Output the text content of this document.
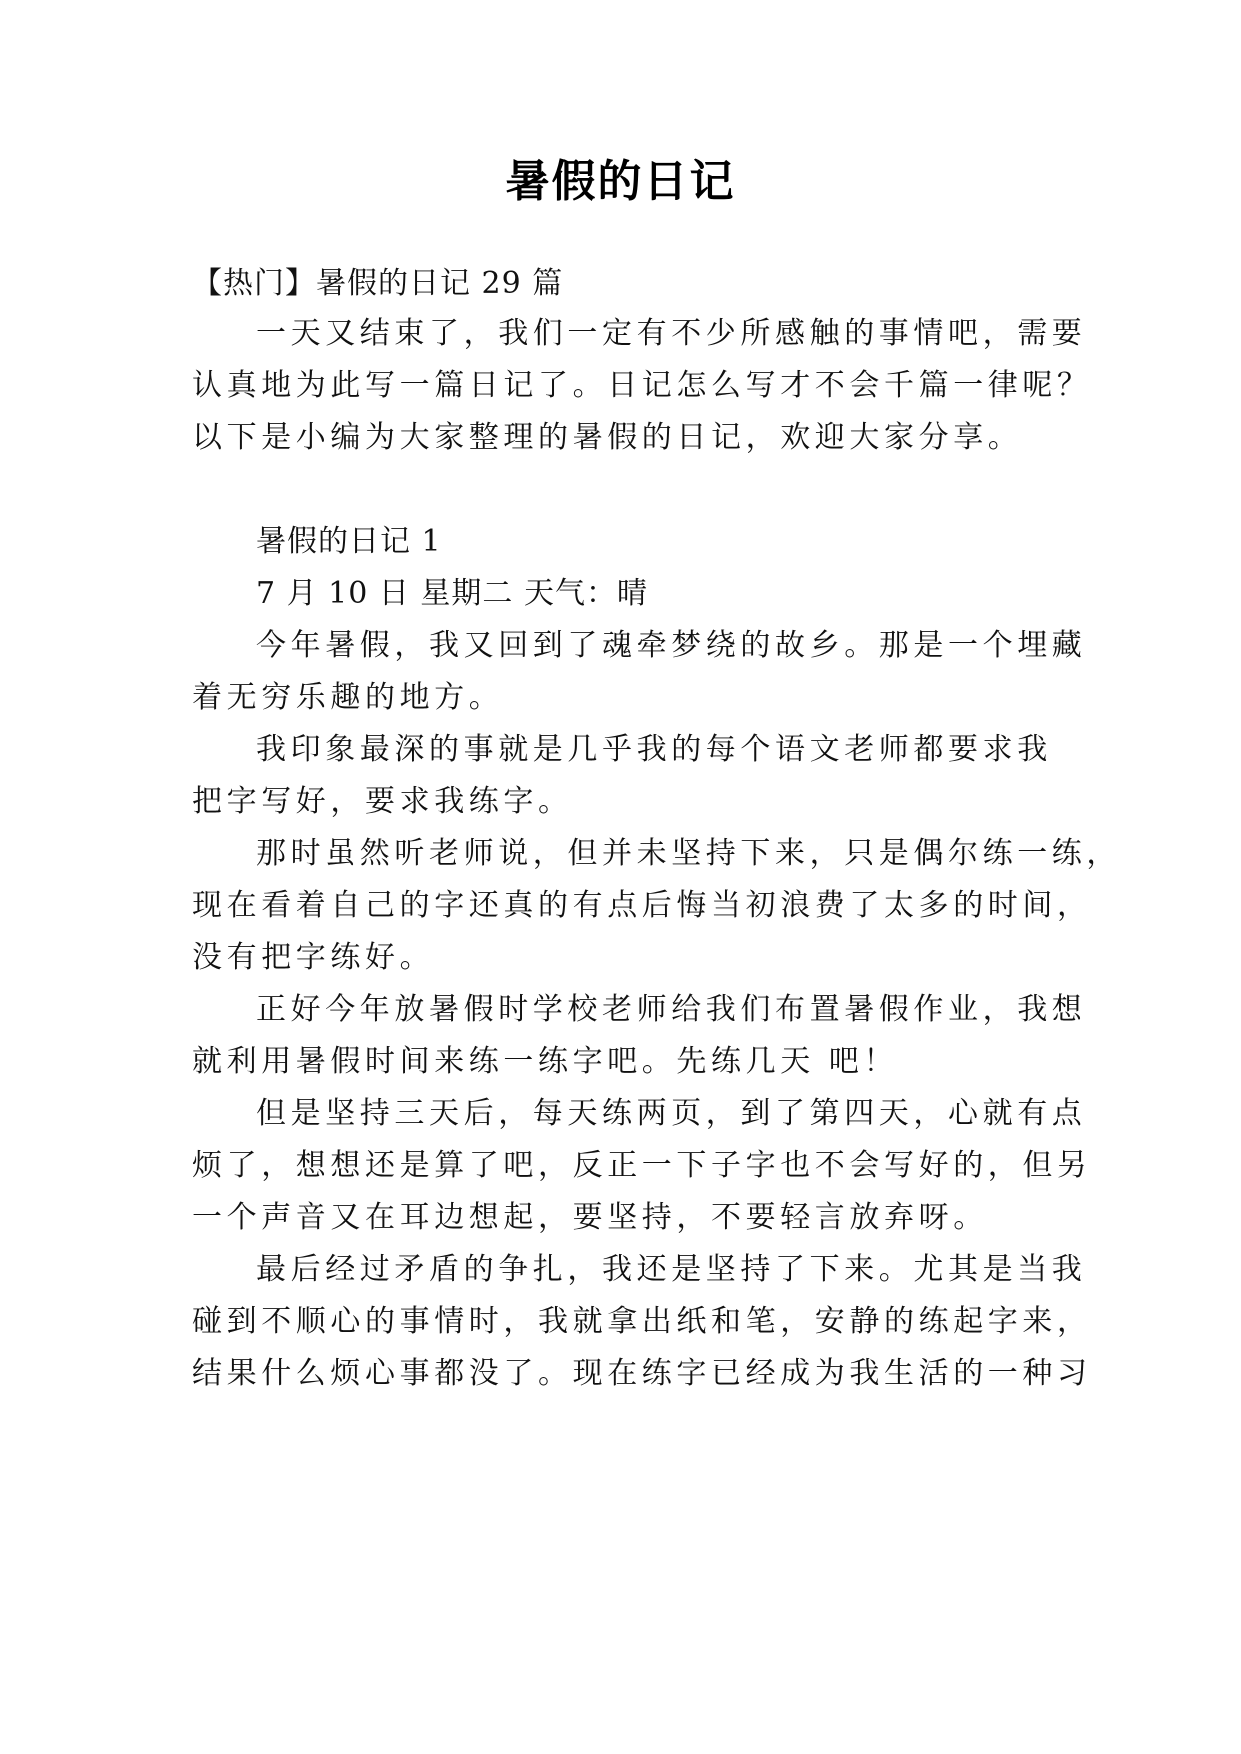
暑假的日记
【热门】暑假的日记 29 篇
一天又结束了，我们一定有不少所感触的事情吧，需要
认真地为此写一篇日记了。日记怎么写才不会千篇一律呢？
以下是小编为大家整理的暑假的日记，欢迎大家分享。
暑假的日记 1
7 月 10 日 星期二 天气：晴
今年暑假，我又回到了魂牵梦绕的故乡。那是一个埋藏
着无穷乐趣的地方。
我印象最深的事就是几乎我的每个语文老师都要求我
把字写好，要求我练字。
那时虽然听老师说，但并未坚持下来，只是偶尔练一练，
现在看着自己的字还真的有点后悔当初浪费了太多的时间，
没有把字练好。
正好今年放暑假时学校老师给我们布置暑假作业，我想
就利用暑假时间来练一练字吧。先练几天 吧！
但是坚持三天后，每天练两页，到了第四天，心就有点
烦了，想想还是算了吧，反正一下子字也不会写好的，但另
一个声音又在耳边想起，要坚持，不要轻言放弃呀。
最后经过矛盾的争扎，我还是坚持了下来。尤其是当我
碰到不顺心的事情时，我就拿出纸和笔，安静的练起字来，
结果什么烦心事都没了。现在练字已经成为我生活的一种习
